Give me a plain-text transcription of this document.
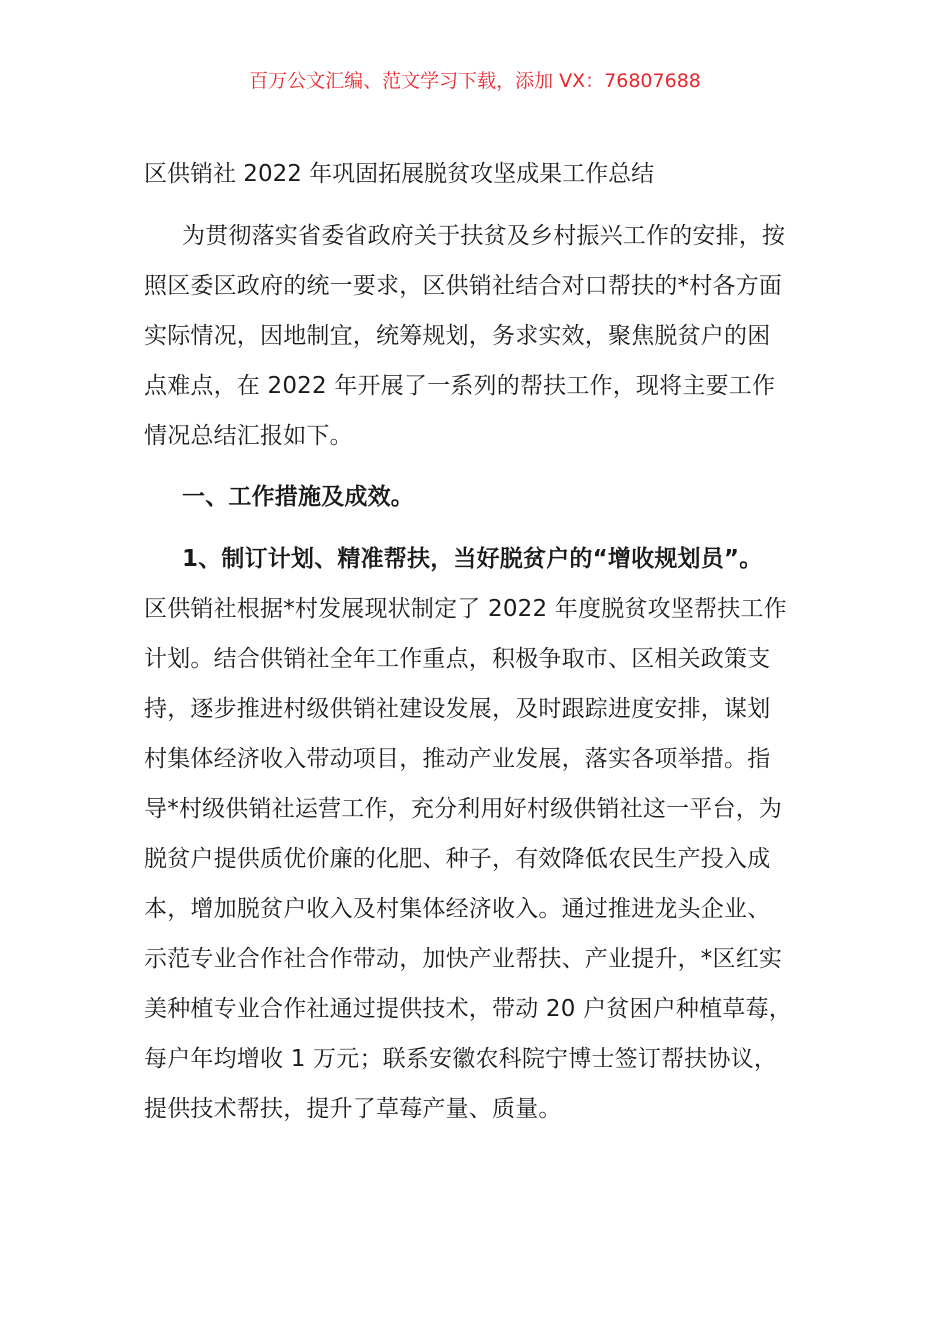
百万公文汇编、范文学习下载，添加 VX：76807688
区供销社 2022 年巩固拓展脱贫攻坚成果工作总结
为贯彻落实省委省政府关于扶贫及乡村振兴工作的安排，按
照区委区政府的统一要求，区供销社结合对口帮扶的*村各方面
实际情况，因地制宜，统筹规划，务求实效，聚焦脱贫户的困
点难点，在 2022 年开展了一系列的帮扶工作，现将主要工作
情况总结汇报如下。
一、工作措施及成效。
1、制订计划、精准帮扶，当好脱贫户的“增收规划员”。
区供销社根据*村发展现状制定了 2022 年度脱贫攻坚帮扶工作
计划。结合供销社全年工作重点，积极争取市、区相关政策支
持，逐步推进村级供销社建设发展，及时跟踪进度安排，谋划
村集体经济收入带动项目，推动产业发展，落实各项举措。指
导*村级供销社运营工作，充分利用好村级供销社这一平台，为
脱贫户提供质优价廉的化肥、种子，有效降低农民生产投入成
本，增加脱贫户收入及村集体经济收入。通过推进龙头企业、
示范专业合作社合作带动，加快产业帮扶、产业提升，*区红实
美种植专业合作社通过提供技术，带动 20 户贫困户种植草莓，
每户年均增收 1 万元；联系安徽农科院宁博士签订帮扶协议，
提供技术帮扶，提升了草莓产量、质量。
